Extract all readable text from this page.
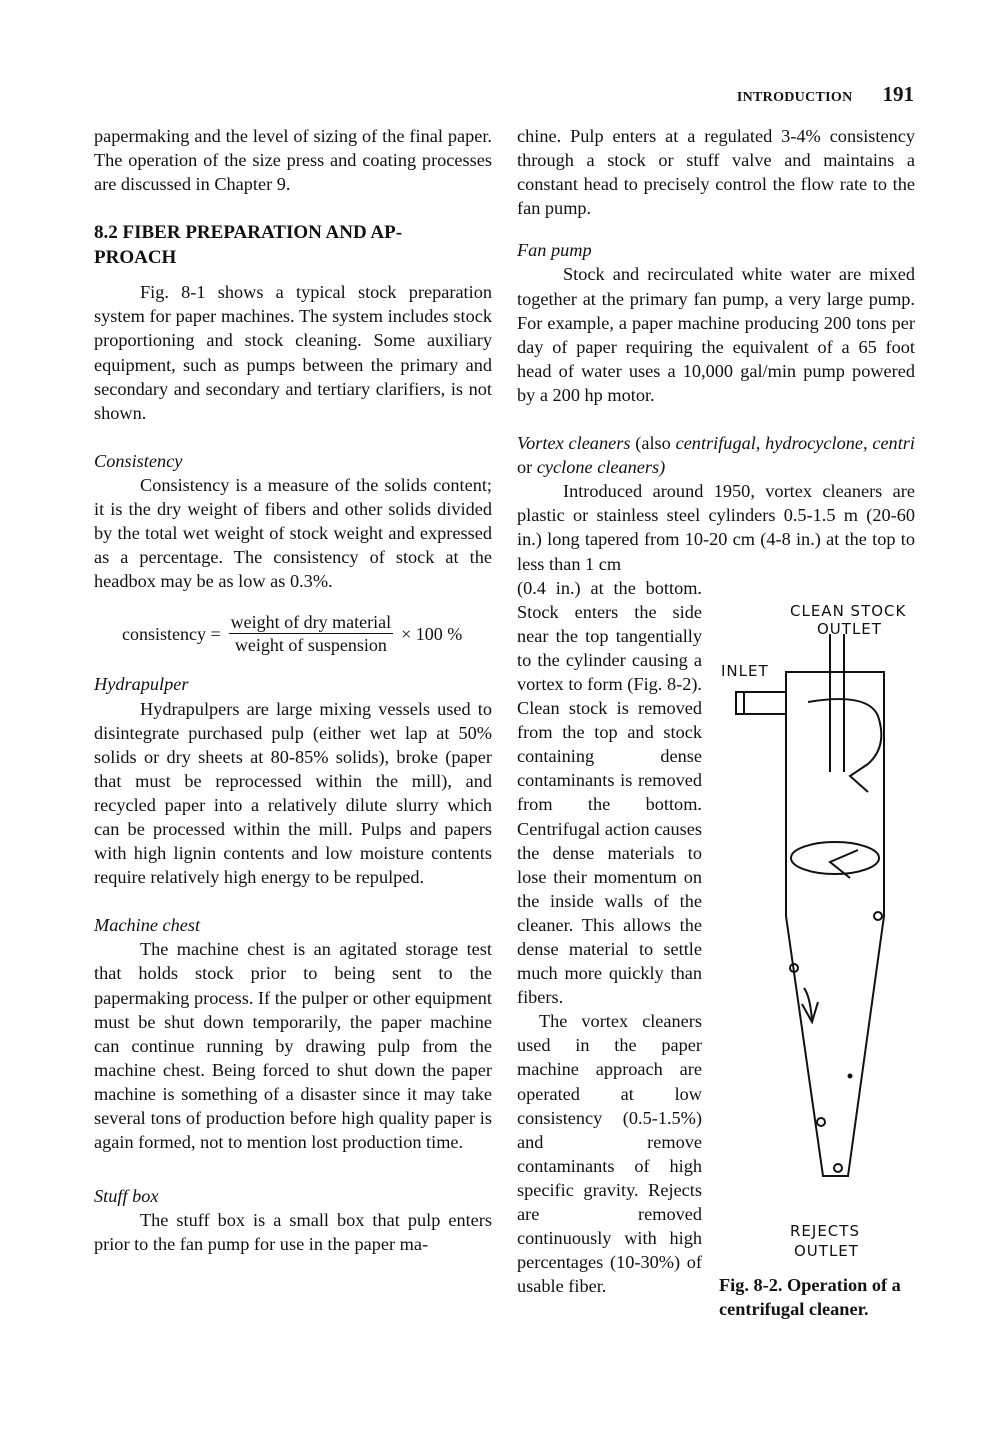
INTRODUCTION 191

papermaking and the level of sizing of the final paper. The operation of the size press and coating processes are discussed in Chapter 9.

8.2 FIBER PREPARATION AND AP-PROACH

Fig. 8-1 shows a typical stock preparation system for paper machines. The system includes stock proportioning and stock cleaning. Some auxiliary equipment, such as pumps between the primary and secondary and secondary and tertiary clarifiers, is not shown.

Consistency

Consistency is a measure of the solids content; it is the dry weight of fibers and other solids divided by the total wet weight of stock weight and expressed as a percentage. The consistency of stock at the headbox may be as low as 0.3%.

consistency = $\frac{\text{weight of dry material}}{\text{weight of suspension}} \times 100$ %
Hydrapulper

Hydrapulpers are large mixing vessels used to disintegrate purchased pulp (either wet lap at 50% solids or dry sheets at 80-85% solids), broke (paper that must be reprocessed within the mill), and recycled paper into a relatively dilute slurry which can be processed within the mill. Pulps and papers with high lignin contents and low moisture contents require relatively high energy to be repulped.

Machine chest

The machine chest is an agitated storage test that holds stock prior to being sent to the papermaking process. If the pulper or other equipment must be shut down temporarily, the paper machine can continue running by drawing pulp from the machine chest. Being forced to shut down the paper machine is something of a disaster since it may take several tons of production before high quality paper is again formed, not to mention lost production time.

Stuff box

The stuff box is a small box that pulp enters prior to the fan pump for use in the paper ma-

chine. Pulp enters at a regulated 3-4% consistency through a stock or stuff valve and maintains a constant head to precisely control the flow rate to the fan pump.

Fan pump

Stock and recirculated white water are mixed together at the primary fan pump, a very large pump. For example, a paper machine producing 200 tons per day of paper requiring the equivalent of a 65 foot head of water uses a 10,000 gal/min pump powered by a 200 hp motor.

Vortex cleaners (also centrifugal, hydrocyclone, centri or cyclone cleaners)

Introduced around 1950, vortex cleaners are plastic or stainless steel cylinders 0.5-1.5 m (20-60 in.) long tapered from 10-20 cm (4-8 in.) at the top to less than 1 cm

(0.4 in.) at the bottom. Stock enters the side near the top tangentially to the cylinder causing a vortex to form (Fig. 8-2). Clean stock is removed from the top and stock containing dense contaminants is removed from the bottom. Centrifugal action causes the dense materials to lose their momentum on the inside walls of the cleaner. This allows the dense material to settle much more quickly than fibers.

The vortex cleaners used in the paper machine approach are operated at low consistency (0.5-1.5%) and remove contaminants of high specific gravity. Rejects are removed continuously with high percentages (10-30%) of usable fiber.

CLEAN STOCK
OUTLET
INLET
REJECTS
OUTLET
Fig. 8-2. Operation of a centrifugal cleaner.
